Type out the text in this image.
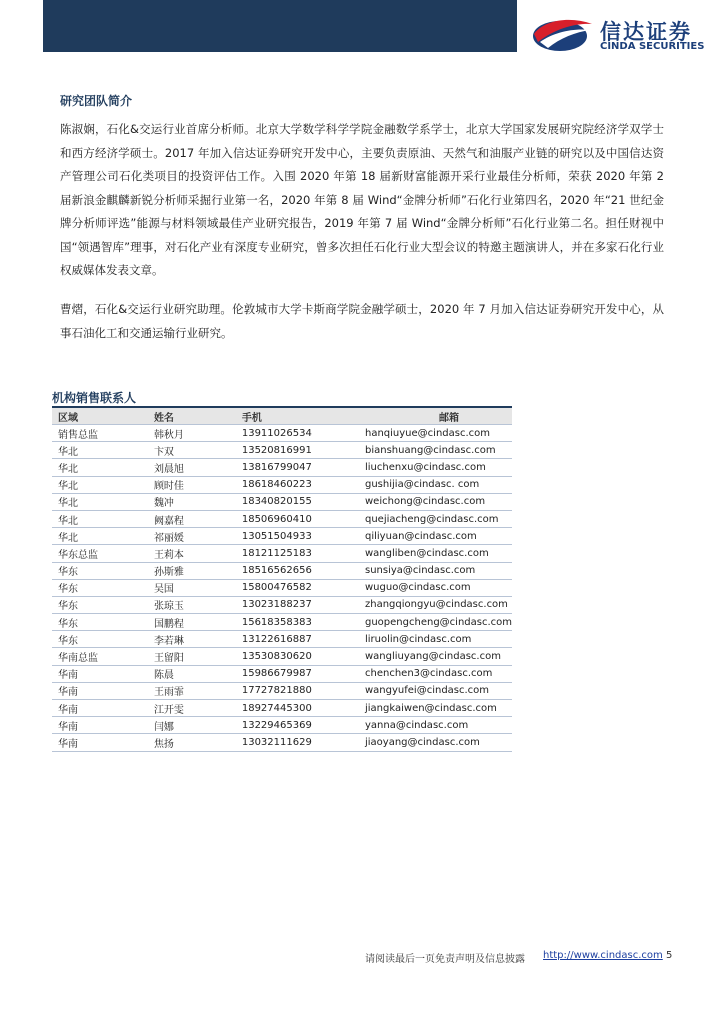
信达证券
CINDA SECURITIES
研究团队简介

陈淑娴，石化&交运行业首席分析师。北京大学数学科学学院金融数学系学士，北京大学国家发展研究院经济学双学士和西方经济学硕士。2017 年加入信达证券研究开发中心，主要负责原油、天然气和油服产业链的研究以及中国信达资产管理公司石化类项目的投资评估工作。入围 2020 年第 18 届新财富能源开采行业最佳分析师，荣获 2020 年第 2 届新浪金麒麟新锐分析师采掘行业第一名，2020 年第 8 届 Wind“金牌分析师”石化行业第四名，2020 年“21 世纪金牌分析师评选”能源与材料领域最佳产业研究报告，2019 年第 7 届 Wind“金牌分析师”石化行业第二名。担任财视中国“领遇智库”理事，对石化产业有深度专业研究，曾多次担任石化行业大型会议的特邀主题演讲人，并在多家石化行业权威媒体发表文章。

曹熠，石化&交运行业研究助理。伦敦城市大学卡斯商学院金融学硕士，2020 年 7 月加入信达证券研究开发中心，从事石油化工和交通运输行业研究。

机构销售联系人
区域	姓名	手机	邮箱
销售总监	韩秋月	13911026534	hanqiuyue@cindasc.com
华北	卞双	13520816991	bianshuang@cindasc.com
华北	刘晨旭	13816799047	liuchenxu@cindasc.com
华北	顾时佳	18618460223	gushijia@cindasc. com
华北	魏冲	18340820155	weichong@cindasc.com
华北	阙嘉程	18506960410	quejiacheng@cindasc.com
华北	祁丽媛	13051504933	qiliyuan@cindasc.com
华东总监	王莉本	18121125183	wangliben@cindasc.com
华东	孙斯雅	18516562656	sunsiya@cindasc.com
华东	吴国	15800476582	wuguo@cindasc.com
华东	张琼玉	13023188237	zhangqiongyu@cindasc.com
华东	国鹏程	15618358383	guopengcheng@cindasc.com
华东	李若琳	13122616887	liruolin@cindasc.com
华南总监	王留阳	13530830620	wangliuyang@cindasc.com
华南	陈晨	15986679987	chenchen3@cindasc.com
华南	王雨霏	17727821880	wangyufei@cindasc.com
华南	江开雯	18927445300	jiangkaiwen@cindasc.com
华南	闫娜	13229465369	yanna@cindasc.com
华南	焦扬	13032111629	jiaoyang@cindasc.com
请阅读最后一页免责声明及信息披露 http://www.cindasc.com 5
